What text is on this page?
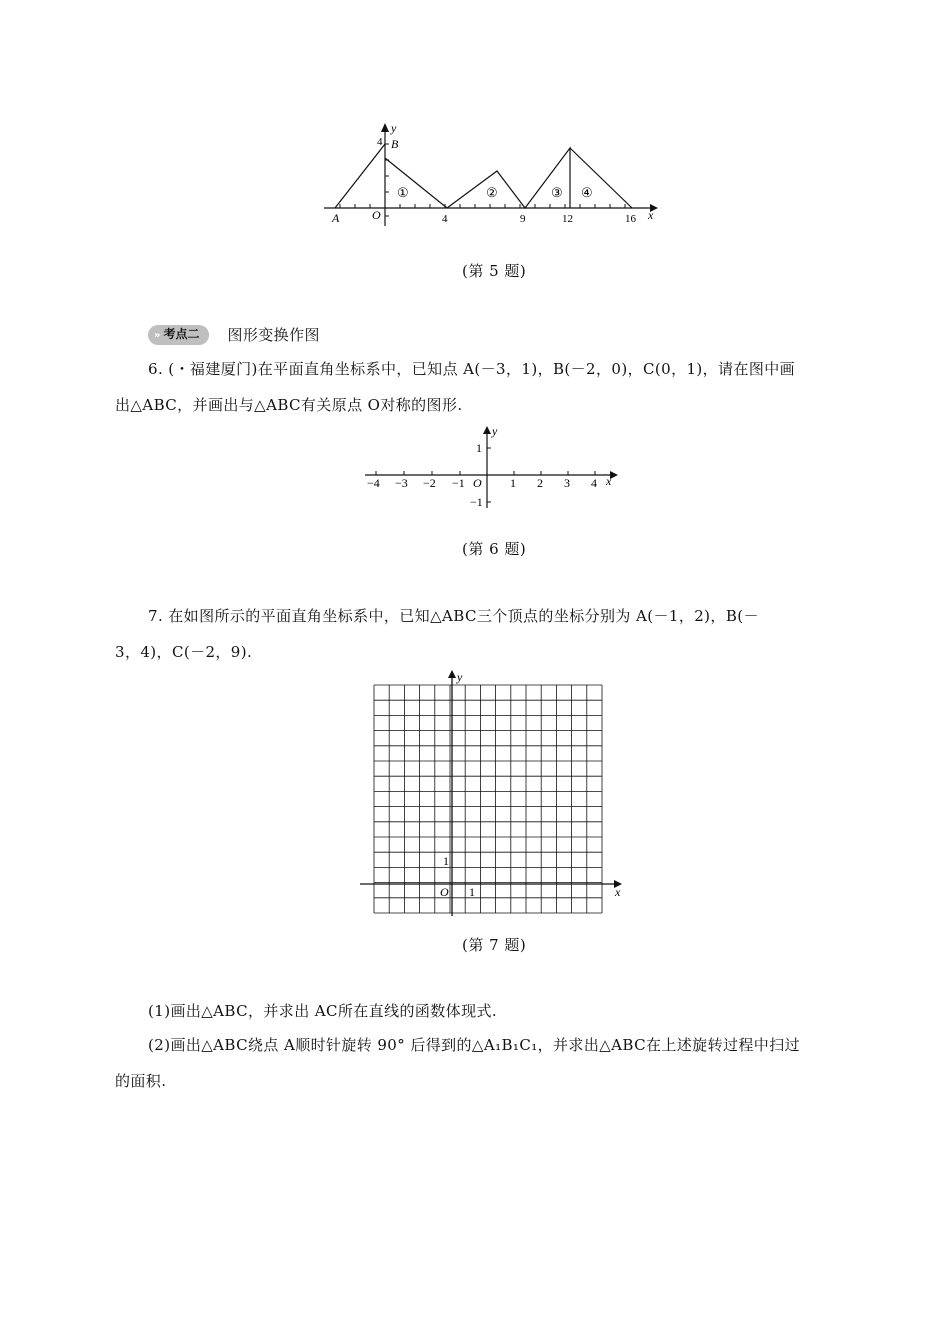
A	O
4 B
y
x
4	9	12	16
①	②	③ ④
(第 5 题)
» 考点二	图形变换作图
6. (・福建厦门)在平面直角坐标系中，已知点 A(－3，1)，B(－2，0)，C(0，1)，请在图中画
出△ABC，并画出与△ABC有关原点 O对称的图形.
−4 −3 −2 −1 O 1 2 3 4 x
y
1
−1
(第 6 题)
7. 在如图所示的平面直角坐标系中，已知△ABC三个顶点的坐标分别为 A(－1，2)，B(－
3，4)，C(－2，9).
y
x
O 1
1
(第 7 题)
(1)画出△ABC，并求出 AC所在直线的函数体现式.
(2)画出△ABC绕点 A顺时针旋转 90° 后得到的△A₁B₁C₁，并求出△ABC在上述旋转过程中扫过
的面积.
